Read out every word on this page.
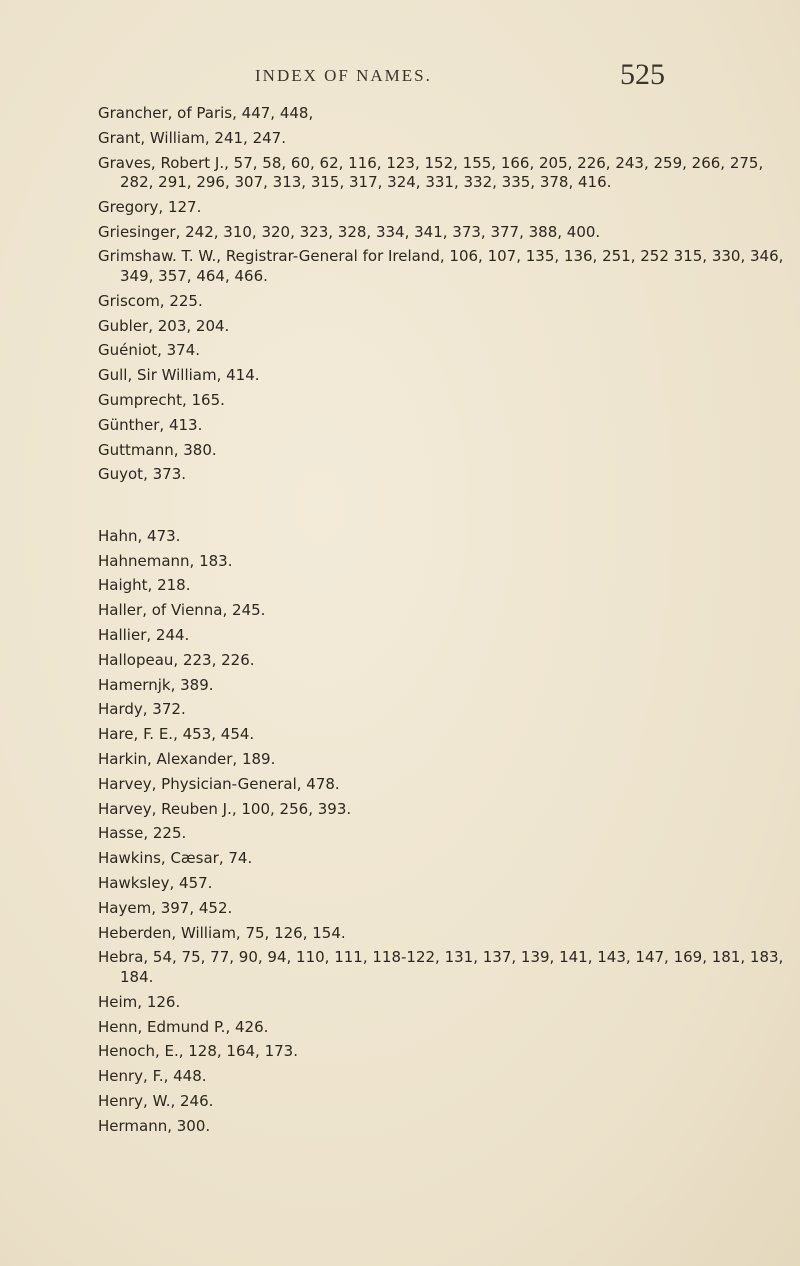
INDEX OF NAMES.	525

Grancher, of Paris, 447, 448,

Grant, William, 241, 247.

Graves, Robert J., 57, 58, 60, 62, 116, 123, 152, 155, 166, 205, 226, 243, 259, 266, 275, 282, 291, 296, 307, 313, 315, 317, 324, 331, 332, 335, 378, 416.

Gregory, 127.

Griesinger, 242, 310, 320, 323, 328, 334, 341, 373, 377, 388, 400.

Grimshaw. T. W., Registrar-General for Ireland, 106, 107, 135, 136, 251, 252 315, 330, 346, 349, 357, 464, 466.

Griscom, 225.

Gubler, 203, 204.

Guéniot, 374.

Gull, Sir William, 414.

Gumprecht, 165.

Günther, 413.

Guttmann, 380.

Guyot, 373.

Hahn, 473.

Hahnemann, 183.

Haight, 218.

Haller, of Vienna, 245.

Hallier, 244.

Hallopeau, 223, 226.

Hamernjk, 389.

Hardy, 372.

Hare, F. E., 453, 454.

Harkin, Alexander, 189.

Harvey, Physician-General, 478.

Harvey, Reuben J., 100, 256, 393.

Hasse, 225.

Hawkins, Cæsar, 74.

Hawksley, 457.

Hayem, 397, 452.

Heberden, William, 75, 126, 154.

Hebra, 54, 75, 77, 90, 94, 110, 111, 118-122, 131, 137, 139, 141, 143, 147, 169, 181, 183, 184.

Heim, 126.

Henn, Edmund P., 426.

Henoch, E., 128, 164, 173.

Henry, F., 448.

Henry, W., 246.

Hermann, 300.
